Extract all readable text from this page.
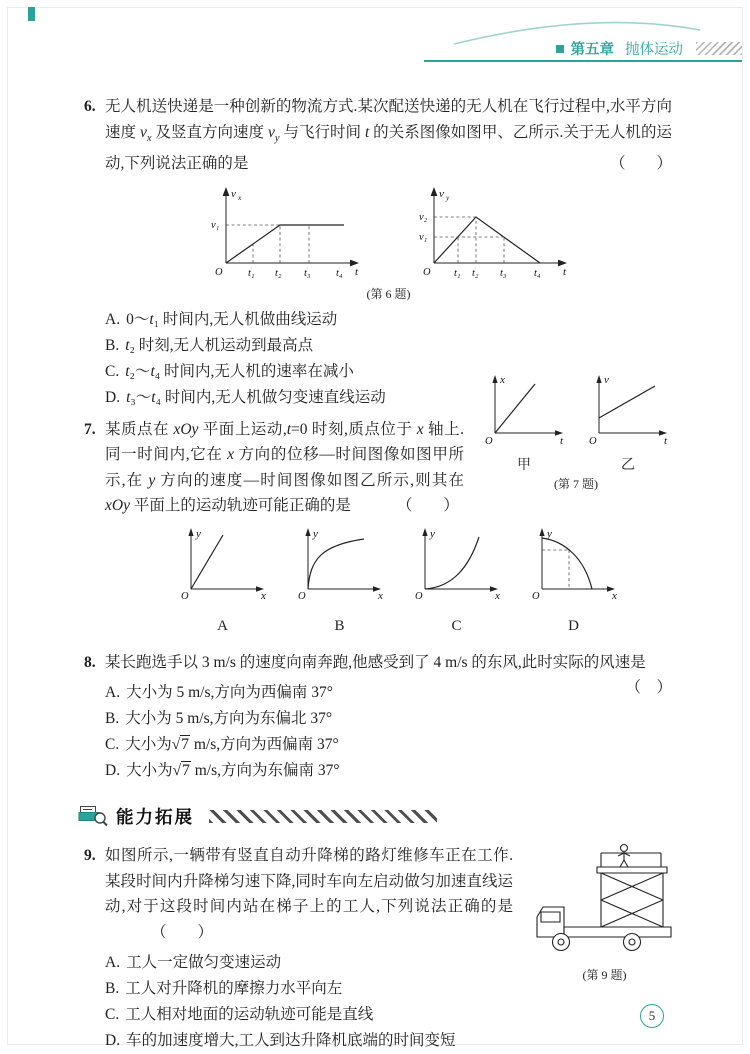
第五章 抛体运动
6. 无人机送快递是一种创新的物流方式.某次配送快递的无人机在飞行过程中,水平方向速度 $v_x$ 及竖直方向速度 $v_y$ 与飞行时间 t 的关系图像如图甲、乙所示.关于无人机的运动,下列说法正确的是	（　　）
v x
v₁
O t₁ t₂ t₃ t₄ t
v y
v₂
v₁
O t₁ t₂ t₃	t₄ t
(第 6 题)
A. 0～t₁ 时间内,无人机做曲线运动
B. t₂ 时刻,无人机运动到最高点
C. t₂～t₄ 时间内,无人机的速率在减小
D. t₃～t₄ 时间内,无人机做匀变速直线运动
7.
x
O	t
甲
v
O	t
乙
(第 7 题)
某质点在 xOy 平面上运动,t=0 时刻,质点位于 x 轴上.同一时间内,它在 x 方向的位移—时间图像如图甲所示,在 y 方向的速度—时间图像如图乙所示,则其在 xOy 平面上的运动轨迹可能正确的是	（　　）
y
O	x
A
y
O	x
B
y
O	x
C
y
O	x
D
8. 某长跑选手以 3 m/s 的速度向南奔跑,他感受到了 4 m/s 的东风,此时实际的风速是
（　）
A. 大小为 5 m/s,方向为西偏南 37°
B. 大小为 5 m/s,方向为东偏北 37°
C. 大小为√7 m/s,方向为西偏南 37°
D. 大小为√7 m/s,方向为东偏南 37°
能力拓展
9.
(第 9 题)
如图所示,一辆带有竖直自动升降梯的路灯维修车正在工作.某段时间内升降梯匀速下降,同时车向左启动做匀加速直线运动,对于这段时间内站在梯子上的工人,下列说法正确的是（　　）
A. 工人一定做匀变速运动
B. 工人对升降机的摩擦力水平向左
C. 工人相对地面的运动轨迹可能是直线
D. 车的加速度增大,工人到达升降机底端的时间变短
5
